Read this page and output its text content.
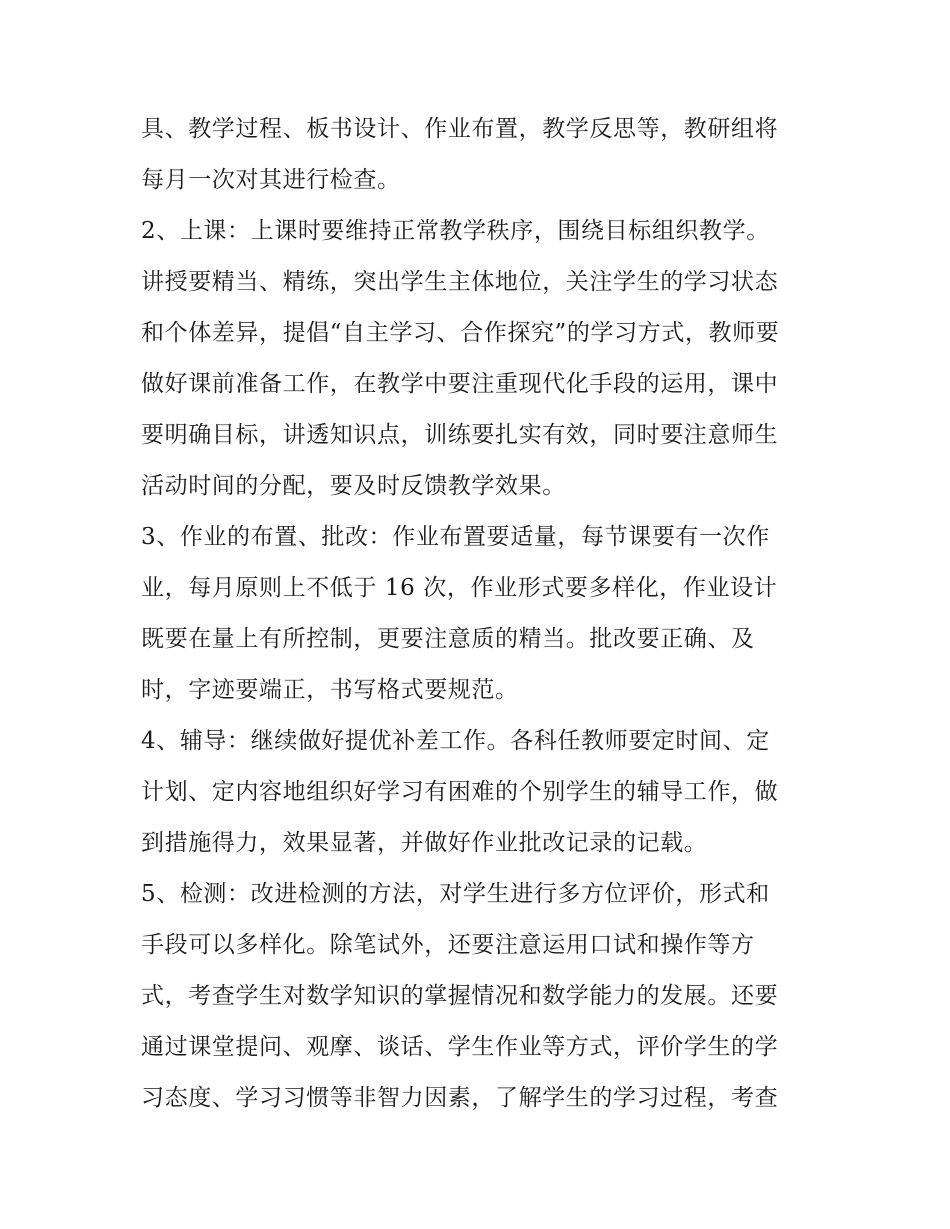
具、教学过程、板书设计、作业布置，教学反思等，教研组将
每月一次对其进行检查。
2、上课：上课时要维持正常教学秩序，围绕目标组织教学。
讲授要精当、精练，突出学生主体地位，关注学生的学习状态
和个体差异，提倡“自主学习、合作探究”的学习方式，教师要
做好课前准备工作，在教学中要注重现代化手段的运用，课中
要明确目标，讲透知识点，训练要扎实有效，同时要注意师生
活动时间的分配，要及时反馈教学效果。
3、作业的布置、批改：作业布置要适量，每节课要有一次作
业，每月原则上不低于 16 次，作业形式要多样化，作业设计
既要在量上有所控制，更要注意质的精当。批改要正确、及
时，字迹要端正，书写格式要规范。
4、辅导：继续做好提优补差工作。各科任教师要定时间、定
计划、定内容地组织好学习有困难的个别学生的辅导工作，做
到措施得力，效果显著，并做好作业批改记录的记载。
5、检测：改进检测的方法，对学生进行多方位评价，形式和
手段可以多样化。除笔试外，还要注意运用口试和操作等方
式，考查学生对数学知识的掌握情况和数学能力的发展。还要
通过课堂提问、观摩、谈话、学生作业等方式，评价学生的学
习态度、学习习惯等非智力因素，了解学生的学习过程，考查
